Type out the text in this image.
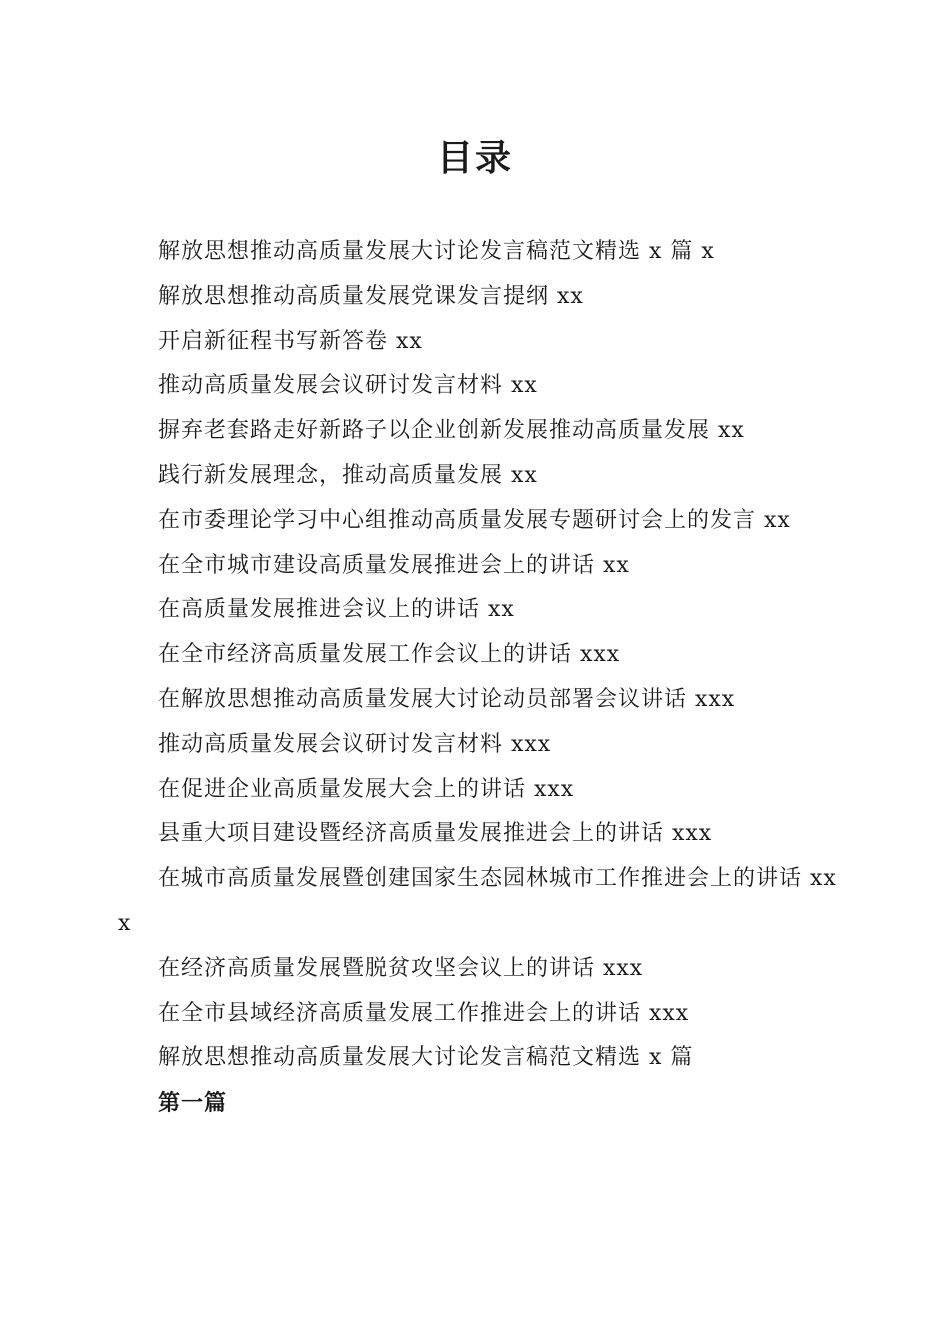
目录
解放思想推动高质量发展大讨论发言稿范文精选 x 篇 x
解放思想推动高质量发展党课发言提纲 xx
开启新征程书写新答卷 xx
推动高质量发展会议研讨发言材料 xx
摒弃老套路走好新路子以企业创新发展推动高质量发展 xx
践行新发展理念，推动高质量发展 xx
在市委理论学习中心组推动高质量发展专题研讨会上的发言 xx
在全市城市建设高质量发展推进会上的讲话 xx
在高质量发展推进会议上的讲话 xx
在全市经济高质量发展工作会议上的讲话 xxx
在解放思想推动高质量发展大讨论动员部署会议讲话 xxx
推动高质量发展会议研讨发言材料 xxx
在促进企业高质量发展大会上的讲话 xxx
县重大项目建设暨经济高质量发展推进会上的讲话 xxx
在城市高质量发展暨创建国家生态园林城市工作推进会上的讲话 xxx
在经济高质量发展暨脱贫攻坚会议上的讲话 xxx
在全市县域经济高质量发展工作推进会上的讲话 xxx
解放思想推动高质量发展大讨论发言稿范文精选 x 篇
第一篇
